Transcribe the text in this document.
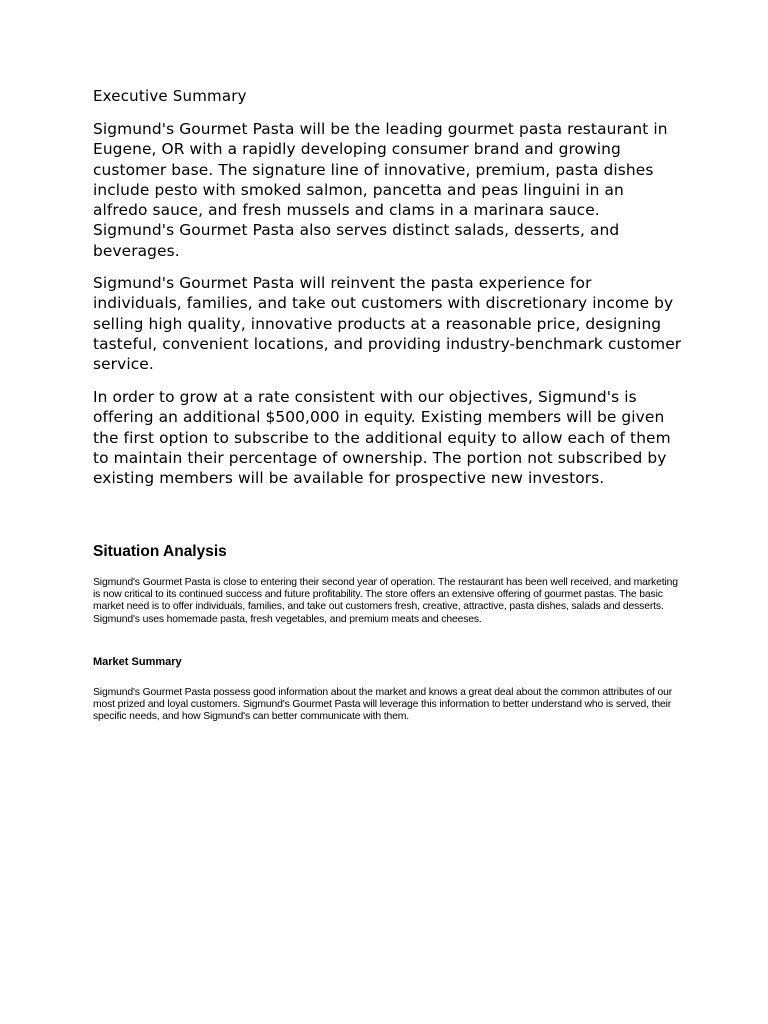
Executive Summary

Sigmund's Gourmet Pasta will be the leading gourmet pasta restaurant in Eugene, OR with a rapidly developing consumer brand and growing customer base. The signature line of innovative, premium, pasta dishes include pesto with smoked salmon, pancetta and peas linguini in an alfredo sauce, and fresh mussels and clams in a marinara sauce. Sigmund's Gourmet Pasta also serves distinct salads, desserts, and beverages.

Sigmund's Gourmet Pasta will reinvent the pasta experience for individuals, families, and take out customers with discretionary income by selling high quality, innovative products at a reasonable price, designing tasteful, convenient locations, and providing industry-benchmark customer service.

In order to grow at a rate consistent with our objectives, Sigmund's is offering an additional $500,000 in equity. Existing members will be given the first option to subscribe to the additional equity to allow each of them to maintain their percentage of ownership. The portion not subscribed by existing members will be available for prospective new investors.

Situation Analysis

Sigmund's Gourmet Pasta is close to entering their second year of operation. The restaurant has been well received, and marketing is now critical to its continued success and future profitability. The store offers an extensive offering of gourmet pastas. The basic market need is to offer individuals, families, and take out customers fresh, creative, attractive, pasta dishes, salads and desserts. Sigmund's uses homemade pasta, fresh vegetables, and premium meats and cheeses.

Market Summary

Sigmund's Gourmet Pasta possess good information about the market and knows a great deal about the common attributes of our most prized and loyal customers. Sigmund's Gourmet Pasta will leverage this information to better understand who is served, their specific needs, and how Sigmund's can better communicate with them.
